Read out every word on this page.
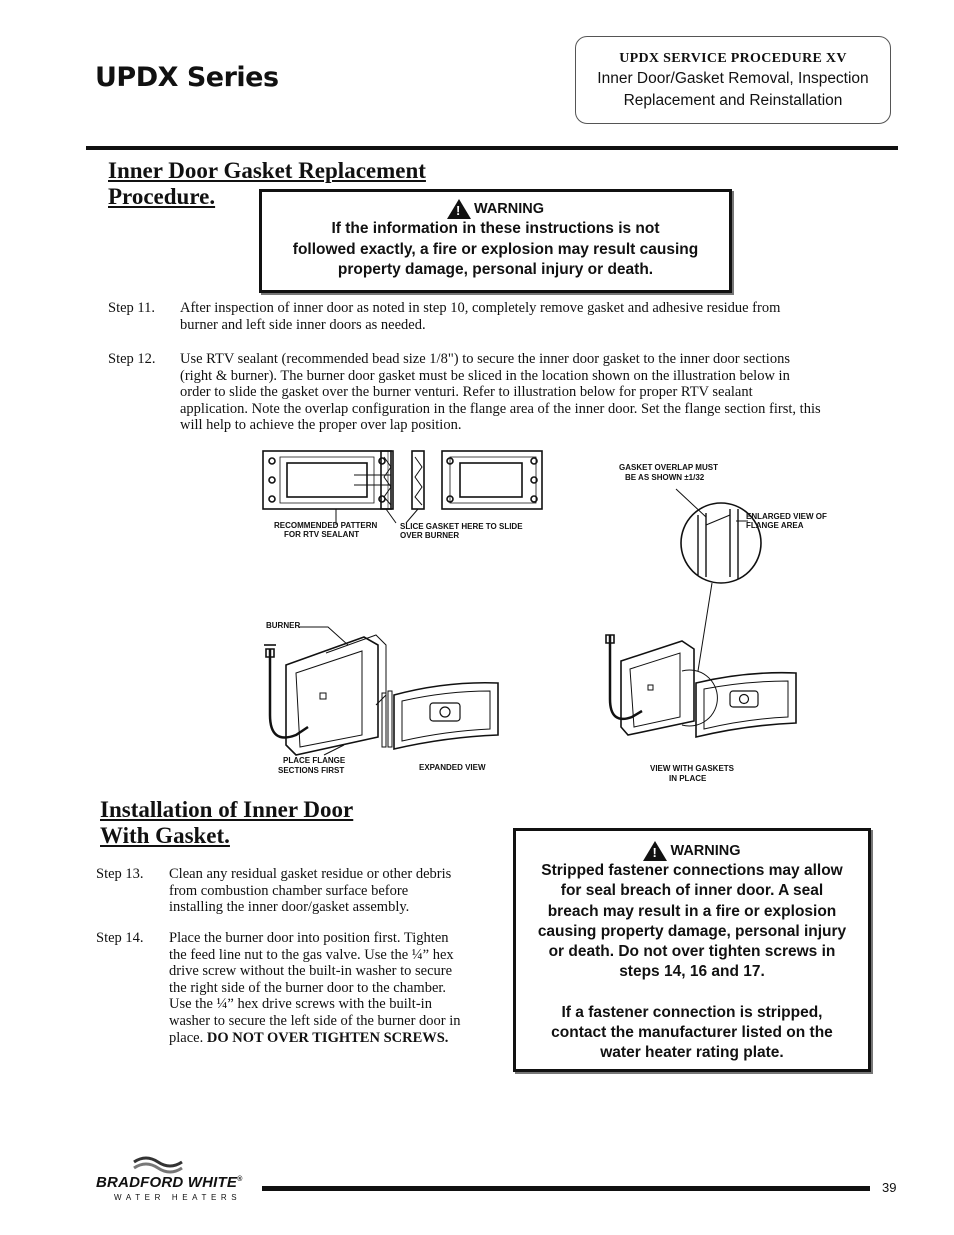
UPDX Series
UPDX SERVICE PROCEDURE XV
Inner Door/Gasket Removal, Inspection
Replacement and Reinstallation
Inner Door Gasket Replacement
Procedure.
!	WARNING
If the information in these instructions is not
followed exactly, a fire or explosion may result causing
property damage, personal injury or death.
Step 11. After inspection of inner door as noted in step 10, completely remove gasket and adhesive residue from
burner and left side inner doors as needed.
Step 12. Use RTV sealant (recommended bead size 1/8") to secure the inner door gasket to the inner door sections
(right & burner). The burner door gasket must be sliced in the location shown on the illustration below in
order to slide the gasket over the burner venturi. Refer to illustration below for proper RTV sealant
application. Note the overlap configuration in the flange area of the inner door. Set the flange section first, this
will help to achieve the proper over lap position.
RECOMMENDED PATTERN
FOR RTV SEALANT
SLICE GASKET HERE TO SLIDE
OVER BURNER
GASKET OVERLAP MUST
BE AS SHOWN ±1/32
ENLARGED VIEW OF
FLANGE AREA
BURNER
PLACE FLANGE
SECTIONS FIRST	EXPANDED VIEW	VIEW WITH GASKETS
IN PLACE
Installation of Inner Door
With Gasket.
Step 13. Clean any residual gasket residue or other debris
from combustion chamber surface before
installing the inner door/gasket assembly.
Step 14. Place the burner door into position first. Tighten
the feed line nut to the gas valve. Use the ¼” hex
drive screw without the built-in washer to secure
the right side of the burner door to the chamber.
Use the ¼” hex drive screws with the built-in
washer to secure the left side of the burner door in
place. DO NOT OVER TIGHTEN SCREWS.
!
WARNING
Stripped fastener connections may allow
for seal breach of inner door. A seal
breach may result in a fire or explosion
causing property damage, personal injury
or death. Do not over tighten screws in
steps 14, 16 and 17.
If a fastener connection is stripped,
contact the manufacturer listed on the
water heater rating plate.
BRADFORD WHITE®
WATER HEATERS
39
